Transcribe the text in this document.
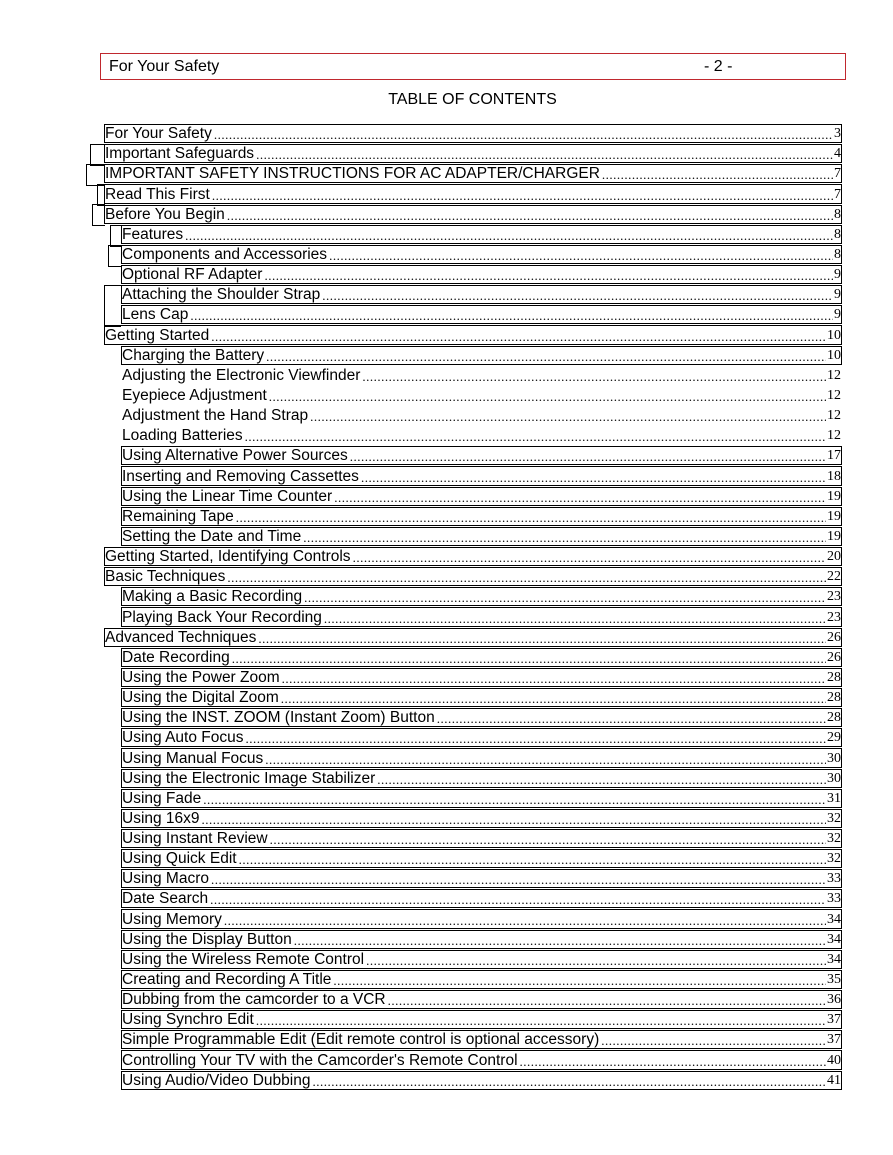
For Your Safety	- 2 -
TABLE OF CONTENTS
For Your Safety .....	3
Important Safeguards .....	4
IMPORTANT SAFETY INSTRUCTIONS FOR AC ADAPTER/CHARGER .....	7
Read This First .....	7
Before You Begin .....	8
Features .....	8
Components and Accessories .....	8
Optional RF Adapter .....	9
Attaching the Shoulder Strap .....	9
Lens Cap .....	9
Getting Started .....	10
Charging the Battery .....	10
Adjusting the Electronic Viewfinder .....	12
Eyepiece Adjustment .....	12
Adjustment the Hand Strap .....	12
Loading Batteries .....	12
Using Alternative Power Sources .....	17
Inserting and Removing Cassettes .....	18
Using the Linear Time Counter .....	19
Remaining Tape .....	19
Setting the Date and Time .....	19
Getting Started, Identifying Controls .....	20
Basic Techniques .....	22
Making a Basic Recording .....	23
Playing Back Your Recording .....	23
Advanced Techniques .....	26
Date Recording .....	26
Using the Power Zoom .....	28
Using the Digital Zoom .....	28
Using the INST. ZOOM (Instant Zoom) Button .....	28
Using Auto Focus .....	29
Using Manual Focus .....	30
Using the Electronic Image Stabilizer .....	30
Using Fade .....	31
Using 16x9 .....	32
Using Instant Review .....	32
Using Quick Edit .....	32
Using Macro .....	33
Date Search .....	33
Using Memory .....	34
Using the Display Button .....	34
Using the Wireless Remote Control .....	34
Creating and Recording A Title .....	35
Dubbing from the camcorder to a VCR .....	36
Using Synchro Edit .....	37
Simple Programmable Edit (Edit remote control is optional accessory) .....	37
Controlling Your TV with the Camcorder's Remote Control .....	40
Using Audio/Video Dubbing .....	41
